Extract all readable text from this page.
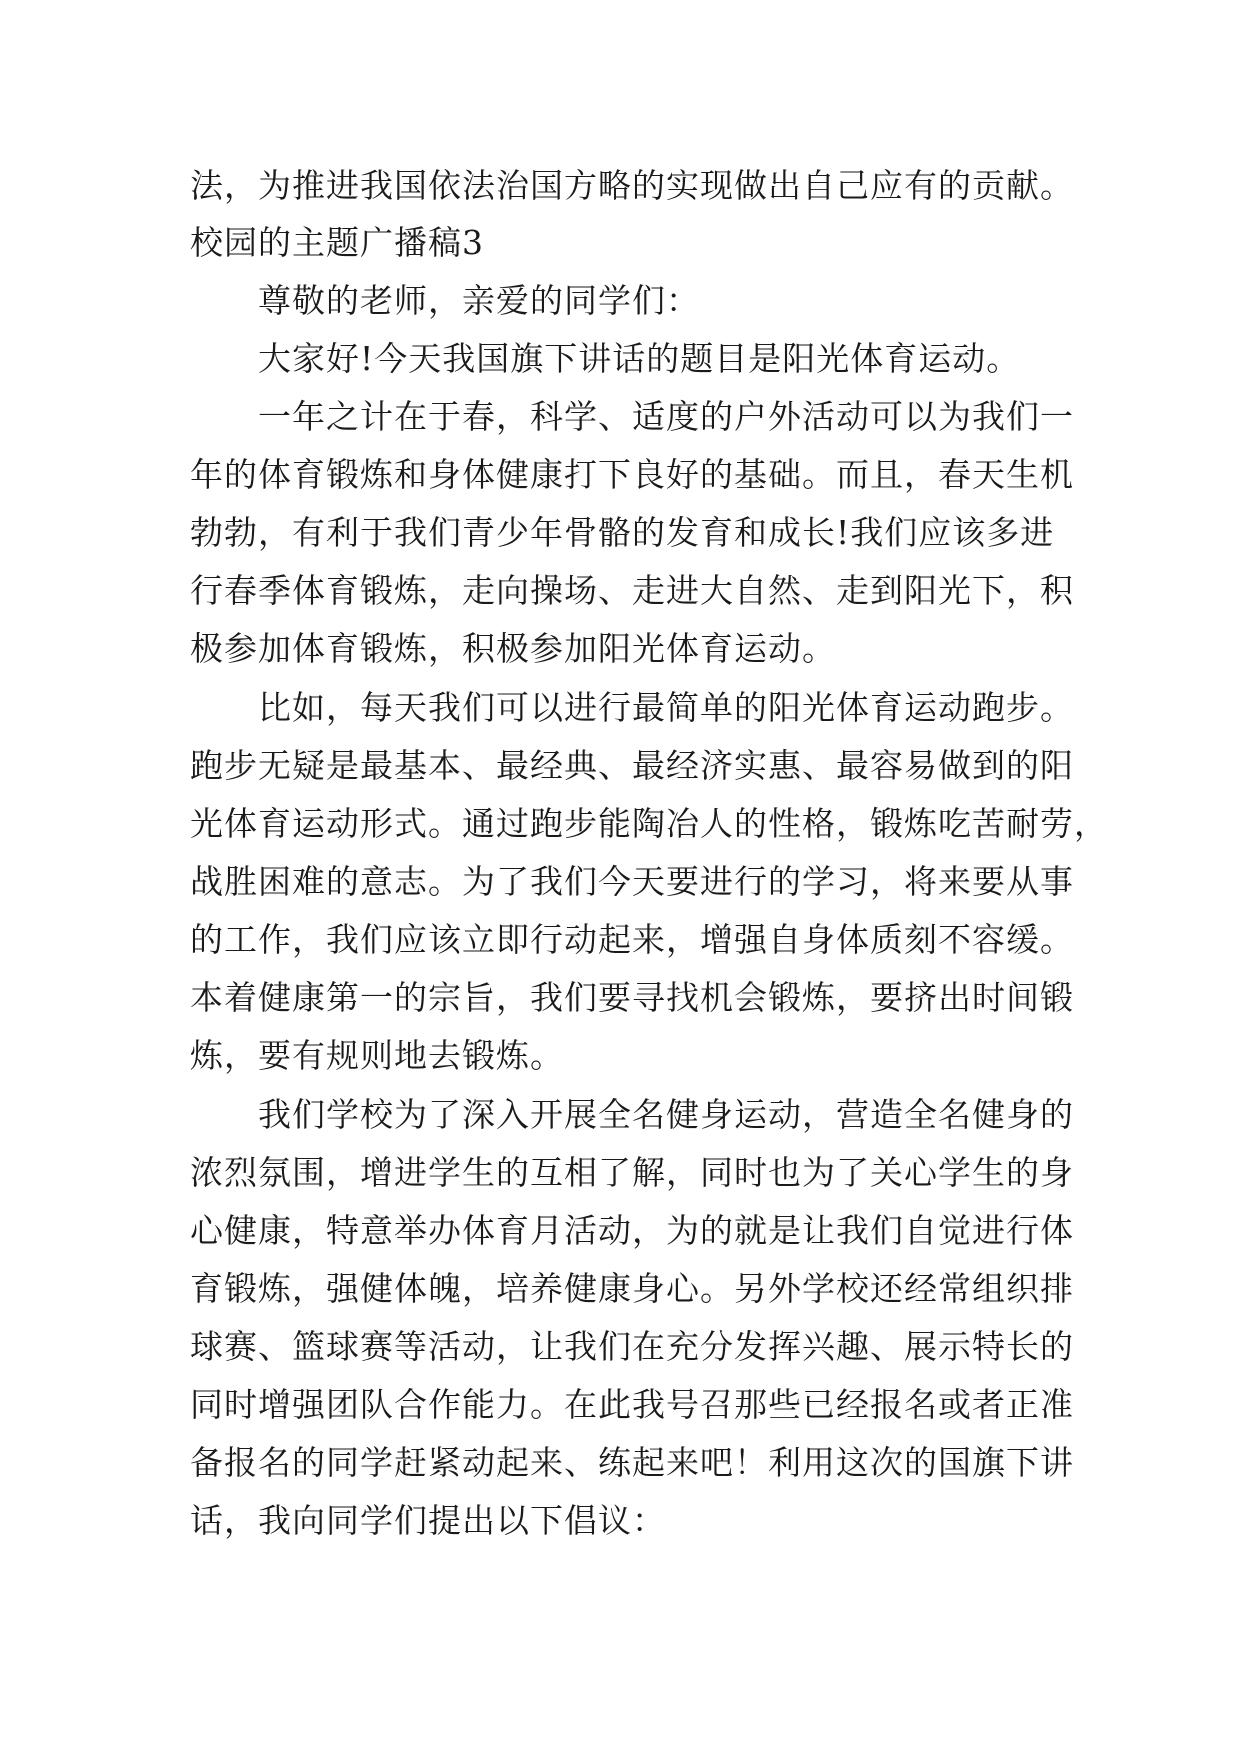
法，为推进我国依法治国方略的实现做出自己应有的贡献。
校园的主题广播稿3
尊敬的老师，亲爱的同学们：
大家好!今天我国旗下讲话的题目是阳光体育运动。
一年之计在于春，科学、适度的户外活动可以为我们一
年的体育锻炼和身体健康打下良好的基础。而且，春天生机
勃勃，有利于我们青少年骨骼的发育和成长!我们应该多进
行春季体育锻炼，走向操场、走进大自然、走到阳光下，积
极参加体育锻炼，积极参加阳光体育运动。
比如，每天我们可以进行最简单的阳光体育运动跑步。
跑步无疑是最基本、最经典、最经济实惠、最容易做到的阳
光体育运动形式。通过跑步能陶冶人的性格，锻炼吃苦耐劳，
战胜困难的意志。为了我们今天要进行的学习，将来要从事
的工作，我们应该立即行动起来，增强自身体质刻不容缓。
本着健康第一的宗旨，我们要寻找机会锻炼，要挤出时间锻
炼，要有规则地去锻炼。
我们学校为了深入开展全名健身运动，营造全名健身的
浓烈氛围，增进学生的互相了解，同时也为了关心学生的身
心健康，特意举办体育月活动，为的就是让我们自觉进行体
育锻炼，强健体魄，培养健康身心。另外学校还经常组织排
球赛、篮球赛等活动，让我们在充分发挥兴趣、展示特长的
同时增强团队合作能力。在此我号召那些已经报名或者正准
备报名的同学赶紧动起来、练起来吧！利用这次的国旗下讲
话，我向同学们提出以下倡议：
